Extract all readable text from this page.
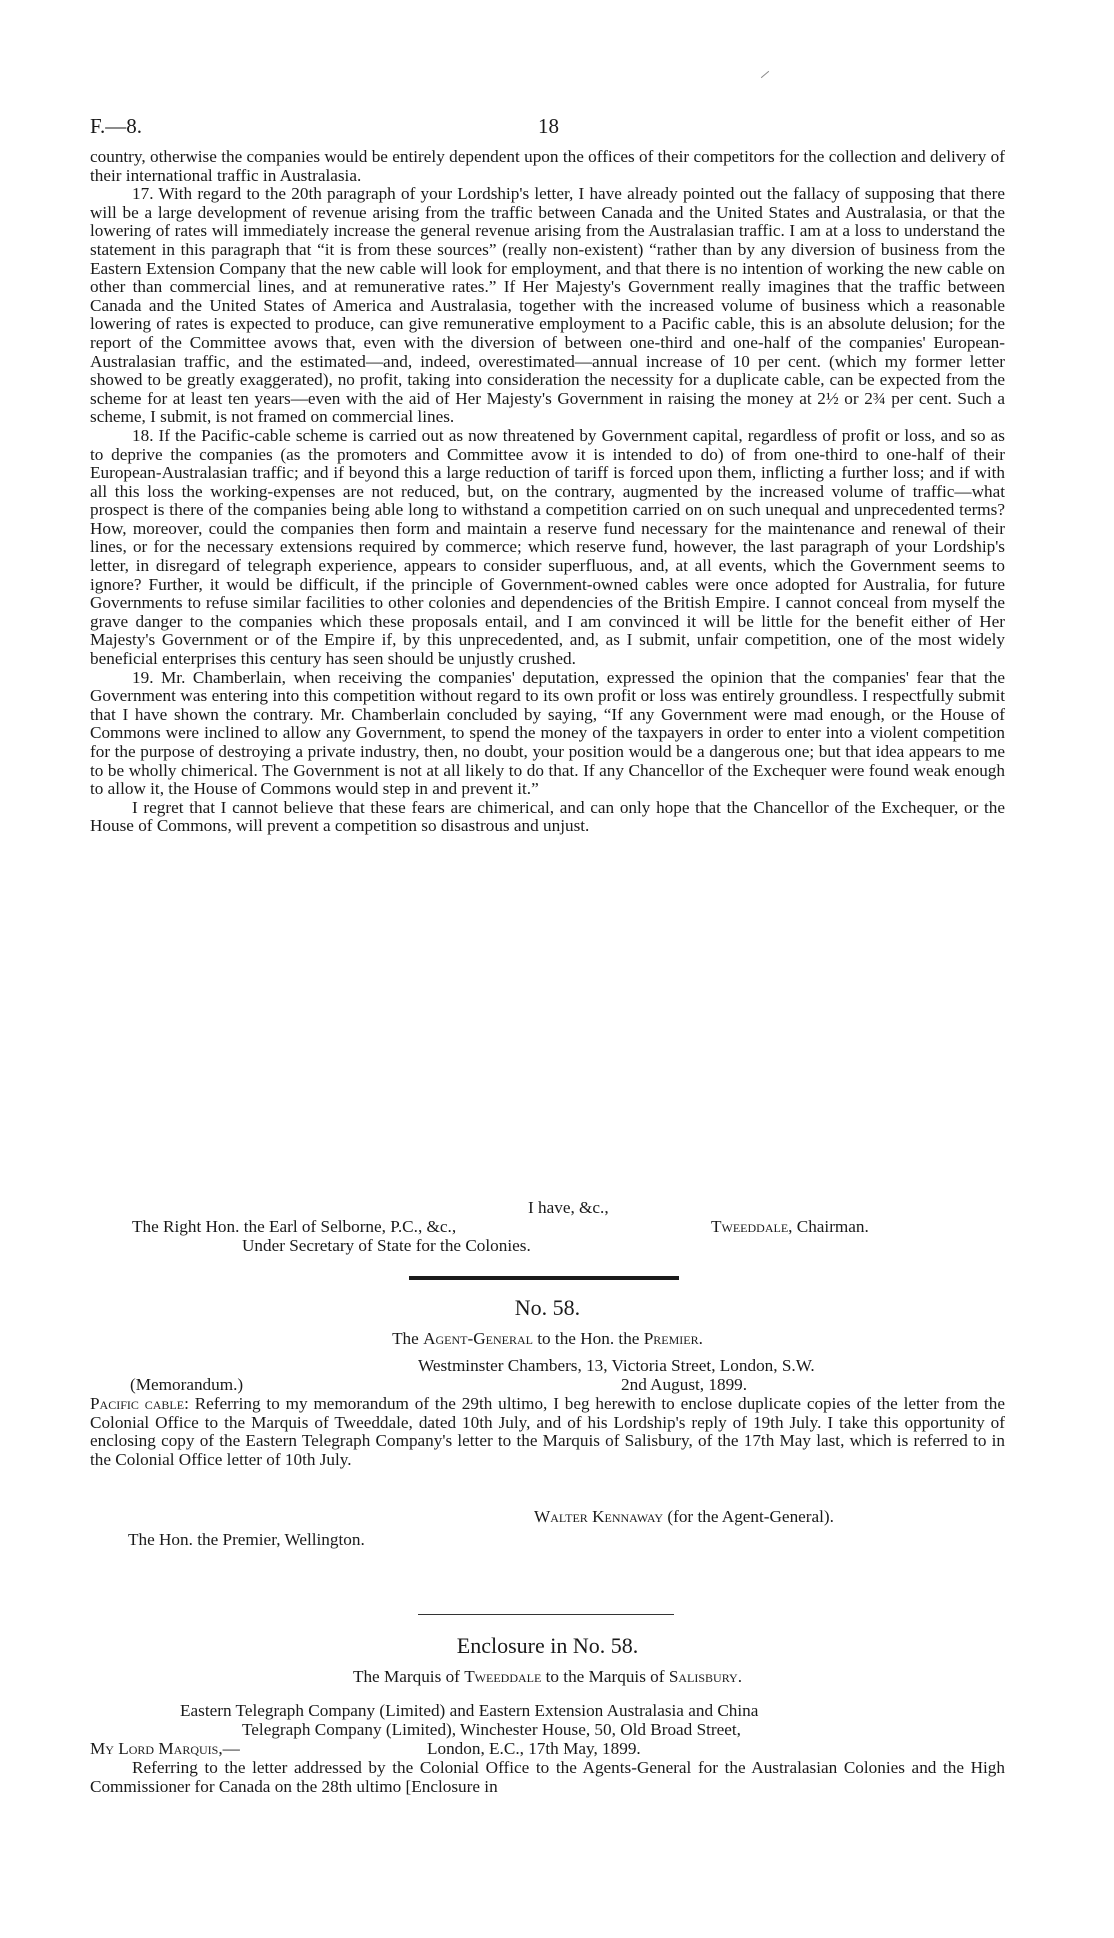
F.—8.	18

country, otherwise the companies would be entirely dependent upon the offices of their competitors for the collection and delivery of their international traffic in Australasia.

17. With regard to the 20th paragraph of your Lordship's letter, I have already pointed out the fallacy of supposing that there will be a large development of revenue arising from the traffic between Canada and the United States and Australasia, or that the lowering of rates will immediately increase the general revenue arising from the Australasian traffic. I am at a loss to understand the statement in this paragraph that “it is from these sources” (really non-existent) “rather than by any diversion of business from the Eastern Extension Company that the new cable will look for employment, and that there is no intention of working the new cable on other than commercial lines, and at remunerative rates.” If Her Majesty's Government really imagines that the traffic between Canada and the United States of America and Australasia, together with the increased volume of business which a reasonable lowering of rates is expected to produce, can give remunerative employment to a Pacific cable, this is an absolute delusion; for the report of the Committee avows that, even with the diversion of between one-third and one-half of the companies' European-Australasian traffic, and the estimated—and, indeed, overestimated—annual increase of 10 per cent. (which my former letter showed to be greatly exaggerated), no profit, taking into consideration the necessity for a duplicate cable, can be expected from the scheme for at least ten years—even with the aid of Her Majesty's Government in raising the money at 2½ or 2¾ per cent. Such a scheme, I submit, is not framed on commercial lines.

18. If the Pacific-cable scheme is carried out as now threatened by Government capital, regardless of profit or loss, and so as to deprive the companies (as the promoters and Committee avow it is intended to do) of from one-third to one-half of their European-Australasian traffic; and if beyond this a large reduction of tariff is forced upon them, inflicting a further loss; and if with all this loss the working-expenses are not reduced, but, on the contrary, augmented by the increased volume of traffic—what prospect is there of the companies being able long to withstand a competition carried on on such unequal and unprecedented terms? How, moreover, could the companies then form and maintain a reserve fund necessary for the maintenance and renewal of their lines, or for the necessary extensions required by commerce; which reserve fund, however, the last paragraph of your Lordship's letter, in disregard of telegraph experience, appears to consider superfluous, and, at all events, which the Government seems to ignore? Further, it would be difficult, if the principle of Government-owned cables were once adopted for Australia, for future Governments to refuse similar facilities to other colonies and dependencies of the British Empire. I cannot conceal from myself the grave danger to the companies which these proposals entail, and I am convinced it will be little for the benefit either of Her Majesty's Government or of the Empire if, by this unprecedented, and, as I submit, unfair competition, one of the most widely beneficial enterprises this century has seen should be unjustly crushed.

19. Mr. Chamberlain, when receiving the companies' deputation, expressed the opinion that the companies' fear that the Government was entering into this competition without regard to its own profit or loss was entirely groundless. I respectfully submit that I have shown the contrary. Mr. Chamberlain concluded by saying, “If any Government were mad enough, or the House of Commons were inclined to allow any Government, to spend the money of the taxpayers in order to enter into a violent competition for the purpose of destroying a private industry, then, no doubt, your position would be a dangerous one; but that idea appears to me to be wholly chimerical. The Government is not at all likely to do that. If any Chancellor of the Exchequer were found weak enough to allow it, the House of Commons would step in and prevent it.”

I regret that I cannot believe that these fears are chimerical, and can only hope that the Chancellor of the Exchequer, or the House of Commons, will prevent a competition so disastrous and unjust.

I have, &c.,
Tweeddale, Chairman.
The Right Hon. the Earl of Selborne, P.C., &c.,
Under Secretary of State for the Colonies.
No. 58.
The Agent-General to the Hon. the Premier.
Westminster Chambers, 13, Victoria Street, London, S.W.
(Memorandum.)	2nd August, 1899.

Pacific cable: Referring to my memorandum of the 29th ultimo, I beg herewith to enclose duplicate copies of the letter from the Colonial Office to the Marquis of Tweeddale, dated 10th July, and of his Lordship's reply of 19th July. I take this opportunity of enclosing copy of the Eastern Telegraph Company's letter to the Marquis of Salisbury, of the 17th May last, which is referred to in the Colonial Office letter of 10th July.

Walter Kennaway (for the Agent-General).
The Hon. the Premier, Wellington.
Enclosure in No. 58.
The Marquis of Tweeddale to the Marquis of Salisbury.
Eastern Telegraph Company (Limited) and Eastern Extension Australasia and China
Telegraph Company (Limited), Winchester House, 50, Old Broad Street,
My Lord Marquis,—	London, E.C., 17th May, 1899.

Referring to the letter addressed by the Colonial Office to the Agents-General for the Australasian Colonies and the High Commissioner for Canada on the 28th ultimo [Enclosure in
